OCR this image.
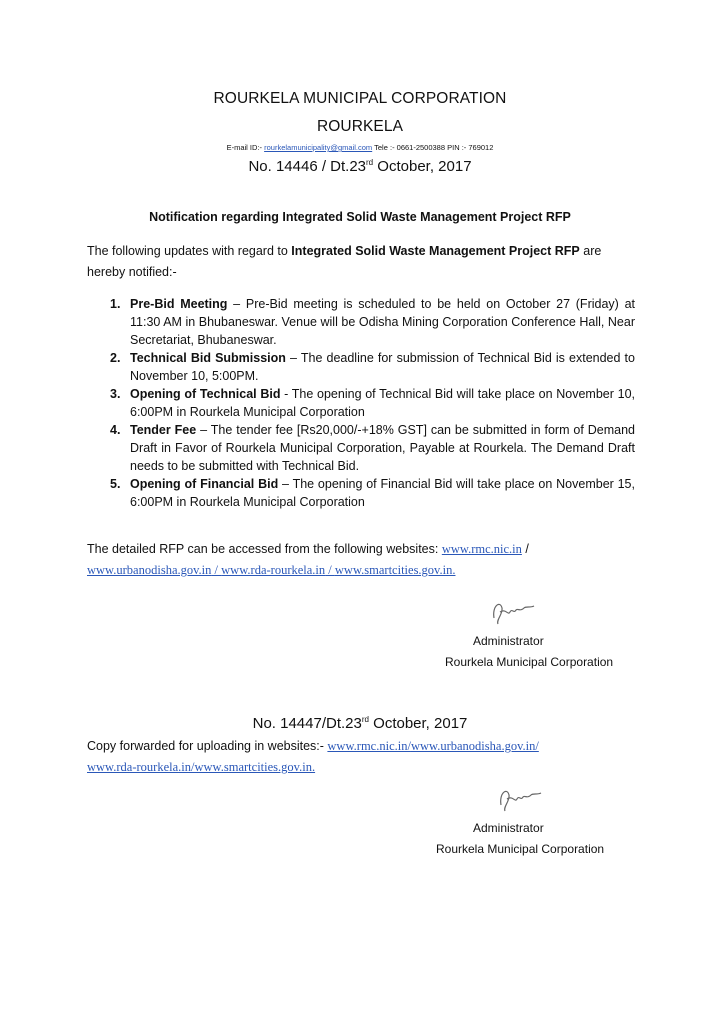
ROURKELA MUNICIPAL CORPORATION
ROURKELA
E-mail ID:- rourkelamunicipality@gmail.com Tele :- 0661-2500388 PIN :- 769012
No. 14446 / Dt.23rd October, 2017
Notification regarding Integrated Solid Waste Management Project RFP
The following updates with regard to Integrated Solid Waste Management Project RFP are hereby notified:-
1. Pre-Bid Meeting – Pre-Bid meeting is scheduled to be held on October 27 (Friday) at 11:30 AM in Bhubaneswar. Venue will be Odisha Mining Corporation Conference Hall, Near Secretariat, Bhubaneswar.
2. Technical Bid Submission – The deadline for submission of Technical Bid is extended to November 10, 5:00PM.
3. Opening of Technical Bid - The opening of Technical Bid will take place on November 10, 6:00PM in Rourkela Municipal Corporation
4. Tender Fee – The tender fee [Rs20,000/-+18% GST] can be submitted in form of Demand Draft in Favor of Rourkela Municipal Corporation, Payable at Rourkela. The Demand Draft needs to be submitted with Technical Bid.
5. Opening of Financial Bid – The opening of Financial Bid will take place on November 15, 6:00PM in Rourkela Municipal Corporation
The detailed RFP can be accessed from the following websites: www.rmc.nic.in /
www.urbanodisha.gov.in / www.rda-rourkela.in / www.smartcities.gov.in.
Administrator
Rourkela Municipal Corporation
No. 14447/Dt.23rd October, 2017
Copy forwarded for uploading in websites:- www.rmc.nic.in/www.urbanodisha.gov.in/
www.rda-rourkela.in/www.smartcities.gov.in.
Administrator
Rourkela Municipal Corporation
